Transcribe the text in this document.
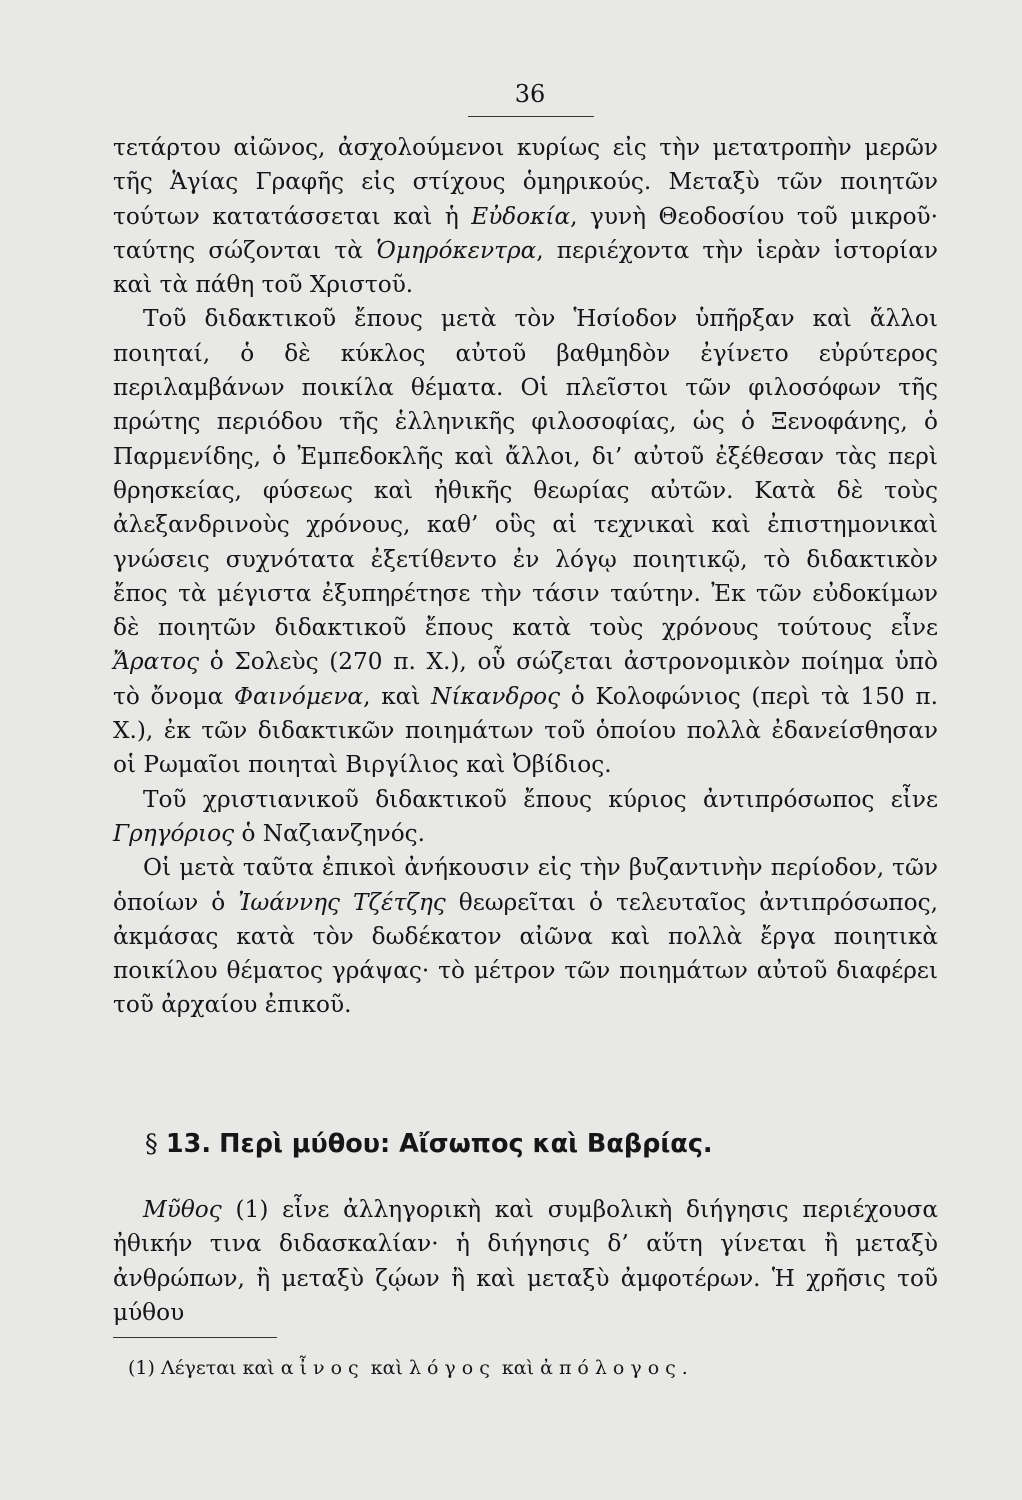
36

τετάρτου αἰῶνος, ἀσχολούμενοι κυρίως εἰς τὴν μετατροπὴν μερῶν τῆς Ἁγίας Γραφῆς εἰς στίχους ὁμηρικούς. Μεταξὺ τῶν ποιητῶν τούτων κατατάσσεται καὶ ἡ Εὐδοκία, γυνὴ Θεοδοσίου τοῦ μικροῦ· ταύτης σώζονται τὰ Ὁμηρόκεντρα, περιέχοντα τὴν ἱερὰν ἱστορίαν καὶ τὰ πάθη τοῦ Χριστοῦ.

Τοῦ διδακτικοῦ ἔπους μετὰ τὸν Ἡσίοδον ὑπῆρξαν καὶ ἄλλοι ποιηταί, ὁ δὲ κύκλος αὐτοῦ βαθμηδὸν ἐγίνετο εὐρύτερος περιλαμβάνων ποικίλα θέματα. Οἱ πλεῖστοι τῶν φιλοσόφων τῆς πρώτης περιόδου τῆς ἑλληνικῆς φιλοσοφίας, ὡς ὁ Ξενοφάνης, ὁ Παρμενίδης, ὁ Ἐμπεδοκλῆς καὶ ἄλλοι, δι’ αὐτοῦ ἐξέθεσαν τὰς περὶ θρησκείας, φύσεως καὶ ἠθικῆς θεωρίας αὐτῶν. Κατὰ δὲ τοὺς ἀλεξανδρινοὺς χρόνους, καθ’ οὓς αἱ τεχνικαὶ καὶ ἐπιστημονικαὶ γνώσεις συχνότατα ἐξετίθεντο ἐν λόγῳ ποιητικῷ, τὸ διδακτικὸν ἔπος τὰ μέγιστα ἐξυπηρέτησε τὴν τάσιν ταύτην. Ἐκ τῶν εὐδοκίμων δὲ ποιητῶν διδακτικοῦ ἔπους κατὰ τοὺς χρόνους τούτους εἶνε Ἄρατος ὁ Σολεὺς (270 π. Χ.), οὗ σώζεται ἀστρονομικὸν ποίημα ὑπὸ τὸ ὄνομα Φαινόμενα, καὶ Νίκανδρος ὁ Κολοφώνιος (περὶ τὰ 150 π. Χ.), ἐκ τῶν διδακτικῶν ποιημάτων τοῦ ὁποίου πολλὰ ἐδανείσθησαν οἱ Ρωμαῖοι ποιηταὶ Βιργίλιος καὶ Ὀβίδιος.

Τοῦ χριστιανικοῦ διδακτικοῦ ἔπους κύριος ἀντιπρόσωπος εἶνε Γρηγόριος ὁ Ναζιανζηνός.

Οἱ μετὰ ταῦτα ἐπικοὶ ἀνήκουσιν εἰς τὴν βυζαντινὴν περίοδον, τῶν ὁποίων ὁ Ἰωάννης Τζέτζης θεωρεῖται ὁ τελευταῖος ἀντιπρόσωπος, ἀκμάσας κατὰ τὸν δωδέκατον αἰῶνα καὶ πολλὰ ἔργα ποιητικὰ ποικίλου θέματος γράψας· τὸ μέτρον τῶν ποιημάτων αὐτοῦ διαφέρει τοῦ ἀρχαίου ἐπικοῦ.

§ 13. Περὶ μύθου: Αἴσωπος καὶ Βαβρίας.

Μῦθος (1) εἶνε ἀλληγορικὴ καὶ συμβολικὴ διήγησις περιέχουσα ἠθικήν τινα διδασκαλίαν· ἡ διήγησις δ’ αὕτη γίνεται ἢ μεταξὺ ἀνθρώπων, ἢ μεταξὺ ζῴων ἢ καὶ μεταξὺ ἀμφοτέρων. Ἡ χρῆσις τοῦ μύθου

(1) Λέγεται καὶ αἶνος καὶ λόγος καὶ ἀπόλογος.
